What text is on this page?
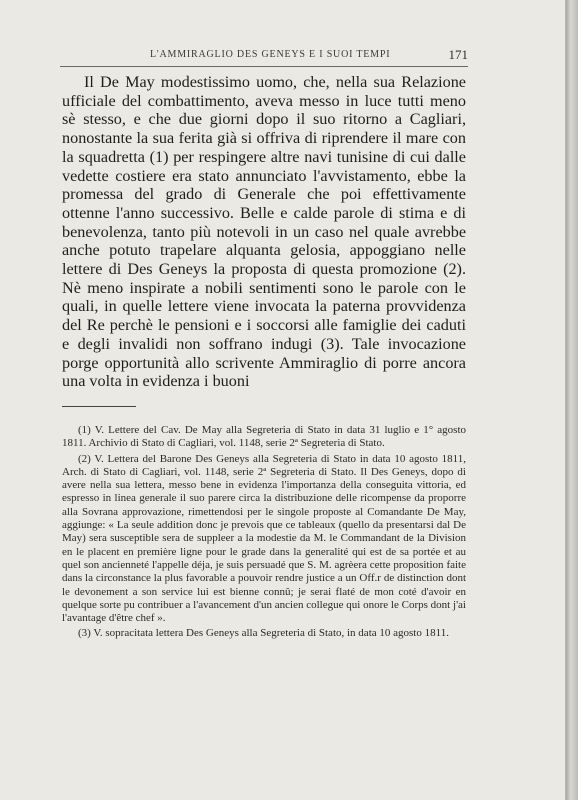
L'AMMIRAGLIO DES GENEYS E I SUOI TEMPI	171

Il De May modestissimo uomo, che, nella sua Relazione ufficiale del combattimento, aveva messo in luce tutti meno sè stesso, e che due giorni dopo il suo ritorno a Cagliari, nonostante la sua ferita già si offriva di riprendere il mare con la squadretta (1) per respingere altre navi tunisine di cui dalle vedette costiere era stato annunciato l'avvistamento, ebbe la promessa del grado di Generale che poi effettivamente ottenne l'anno successivo. Belle e calde parole di stima e di benevolenza, tanto più notevoli in un caso nel quale avrebbe anche potuto trapelare alquanta gelosia, appoggiano nelle lettere di Des Geneys la proposta di questa promozione (2). Nè meno inspirate a nobili sentimenti sono le parole con le quali, in quelle lettere viene invocata la paterna provvidenza del Re perchè le pensioni e i soccorsi alle famiglie dei caduti e degli invalidi non soffrano indugi (3). Tale invocazione porge opportunità allo scrivente Ammiraglio di porre ancora una volta in evidenza i buoni

(1) V. Lettere del Cav. De May alla Segreteria di Stato in data 31 luglio e 1° agosto 1811. Archivio di Stato di Cagliari, vol. 1148, serie 2ª Segreteria di Stato.

(2) V. Lettera del Barone Des Geneys alla Segreteria di Stato in data 10 agosto 1811, Arch. di Stato di Cagliari, vol. 1148, serie 2ª Segreteria di Stato. Il Des Geneys, dopo di avere nella sua lettera, messo bene in evidenza l'importanza della conseguita vittoria, ed espresso in linea generale il suo parere circa la distribuzione delle ricompense da proporre alla Sovrana approvazione, rimettendosi per le singole proposte al Comandante De May, aggiunge: « La seule addition donc je prevois que ce tableaux (quello da presentarsi dal De May) sera susceptible sera de suppleer a la modestie da M. le Commandant de la Division en le placent en première ligne pour le grade dans la generalité qui est de sa portée et au quel son ancienneté l'appelle déja, je suis persuadé que S. M. agrèera cette proposition faite dans la circonstance la plus favorable a pouvoir rendre justice a un Off.r de distinction dont le devonement a son service lui est bienne connû; je serai flaté de mon coté d'avoir en quelque sorte pu contribuer a l'avancement d'un ancien collegue qui onore le Corps dont j'ai l'avantage d'être chef ».

(3) V. sopracitata lettera Des Geneys alla Segreteria di Stato, in data 10 agosto 1811.
